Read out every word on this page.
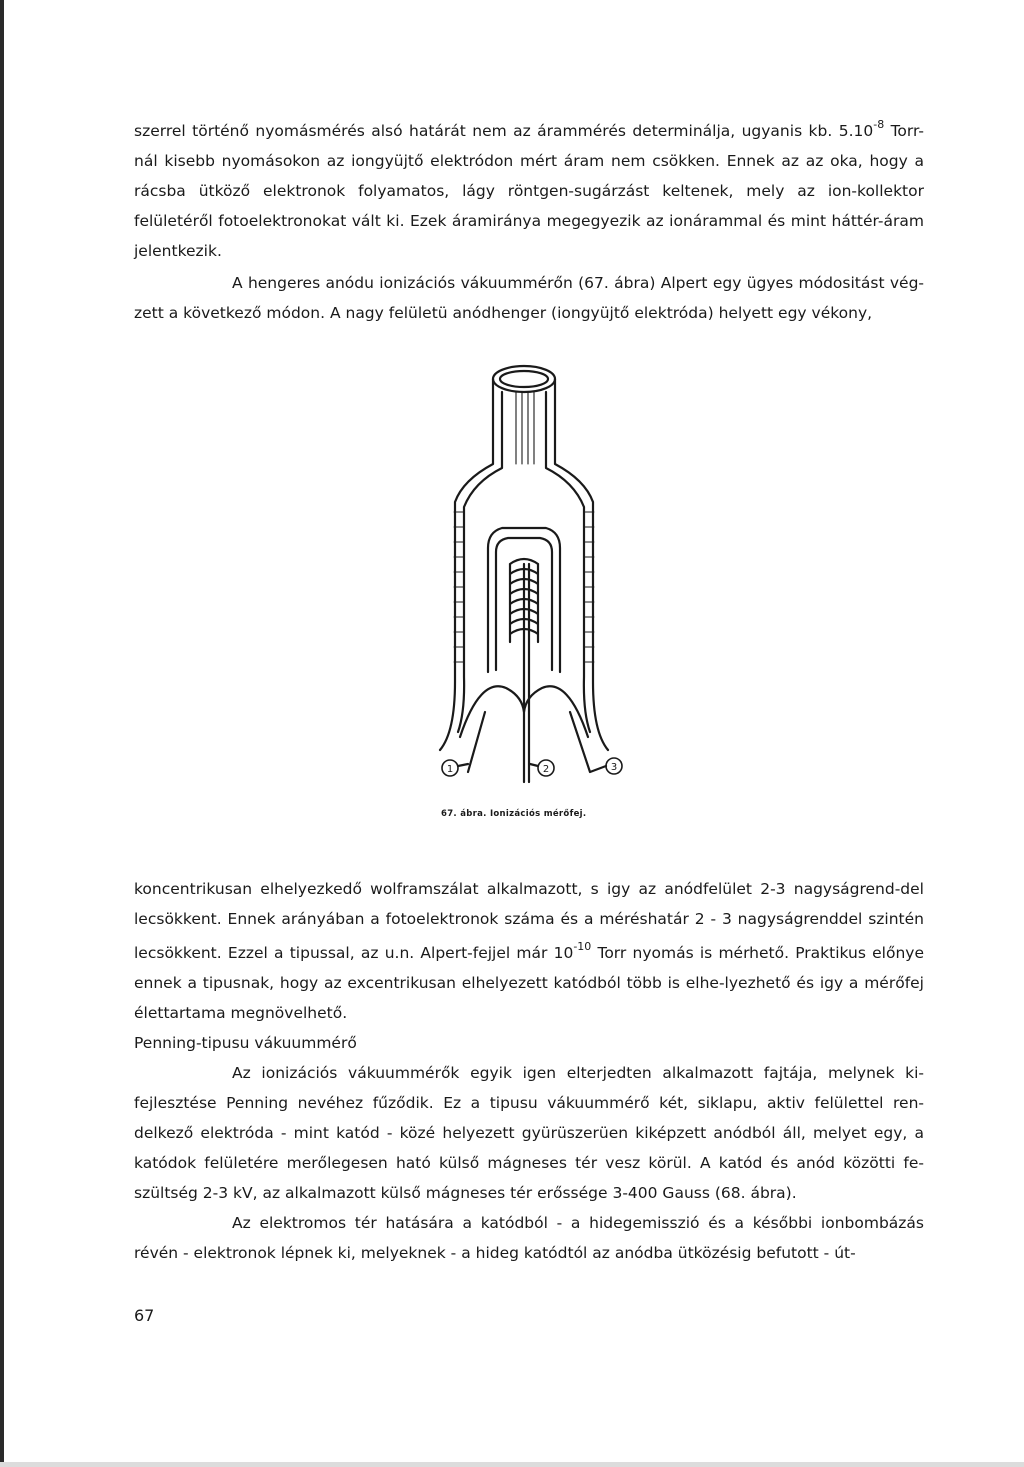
szerrel történő nyomásmérés alsó határát nem az árammérés determinálja, ugyanis kb. $5.10^{-8}$ Torr-nál kisebb nyomásokon az iongyüjtő elektródon mért áram nem csökken. Ennek az az oka, hogy a rácsba ütköző elektronok folyamatos, lágy röntgen-sugárzást keltenek, mely az ion-kollektor felületéről fotoelektronokat vált ki. Ezek áramiránya megegyezik az ionárammal és mint háttér-áram jelentkezik.

A hengeres anódu ionizációs vákuummérőn (67. ábra) Alpert egy ügyes módositást vég-zett a következő módon. A nagy felületü anódhenger (iongyüjtő elektróda) helyett egy vékony,

1	2	3
67. ábra. Ionizációs mérőfej.

koncentrikusan elhelyezkedő wolframszálat alkalmazott, s igy az anódfelület 2-3 nagyságrend-del lecsökkent. Ennek arányában a fotoelektronok száma és a méréshatár 2 - 3 nagyságrenddel szintén lecsökkent. Ezzel a tipussal, az u.n. Alpert-fejjel már $10^{-10}$ Torr nyomás is mérhető. Praktikus előnye ennek a tipusnak, hogy az excentrikusan elhelyezett katódból több is elhe-lyezhető és igy a mérőfej élettartama megnövelhető.

Penning-tipusu vákuummérő

Az ionizációs vákuummérők egyik igen elterjedten alkalmazott fajtája, melynek ki-fejlesztése Penning nevéhez fűződik. Ez a tipusu vákuummérő két, siklapu, aktiv felülettel ren-delkező elektróda - mint katód - közé helyezett gyürüszerüen kiképzett anódból áll, melyet egy, a katódok felületére merőlegesen ható külső mágneses tér vesz körül. A katód és anód közötti fe-szültség 2-3 kV, az alkalmazott külső mágneses tér erőssége 3-400 Gauss (68. ábra).

Az elektromos tér hatására a katódból - a hidegemisszió és a későbbi ionbombázás révén - elektronok lépnek ki, melyeknek - a hideg katódtól az anódba ütközésig befutott - út-

67
